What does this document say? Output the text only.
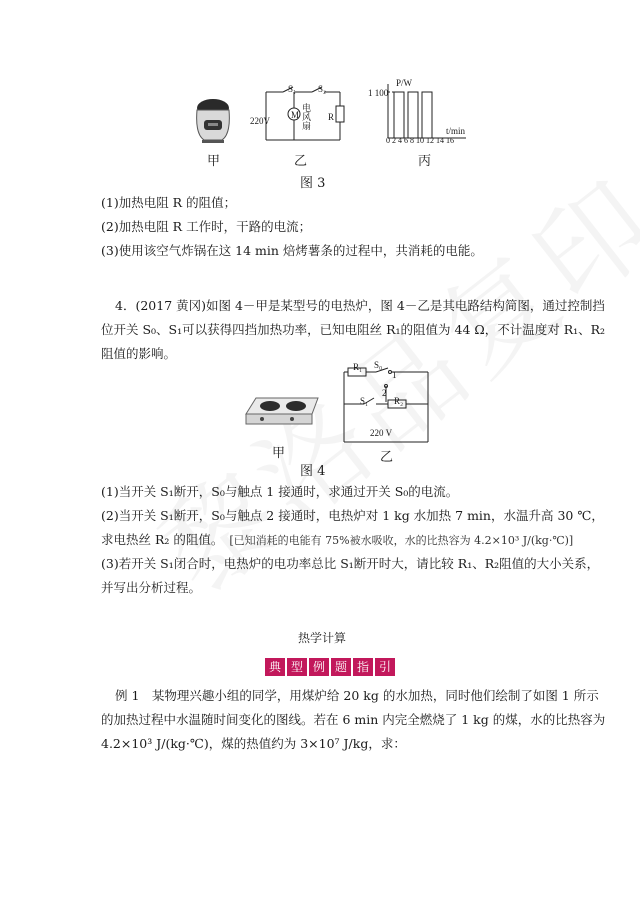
甲
S₁ S₂
220V
M
电风扇
R
乙
P/W
1 100
t/min
0 2 4 6 8 10 12 14 16
丙
图 3
(1)加热电阻 R 的阻值；
(2)加热电阻 R 工作时，干路的电流；
(3)使用该空气炸锅在这 14 min 焙烤薯条的过程中，共消耗的电能。
4．(2017 黄冈)如图 4－甲是某型号的电热炉，图 4－乙是其电路结构简图，通过控制挡
位开关 S₀、S₁可以获得四挡加热功率，已知电阻丝 R₁的阻值为 44 Ω，不计温度对 R₁、R₂
阻值的影响。
甲
R₁ S₀
1
2
S₁	R₂
220 V
乙
图 4
(1)当开关 S₁断开，S₀与触点 1 接通时，求通过开关 S₀的电流。
(2)当开关 S₁断开，S₀与触点 2 接通时，电热炉对 1 kg 水加热 7 min，水温升高 30 ℃，
求电热丝 R₂ 的阻值。 [已知消耗的电能有 75%被水吸收，水的比热容为 4.2×10³ J/(kg·℃)]
(3)若开关 S₁闭合时，电热炉的电功率总比 S₁断开时大，请比较 R₁、R₂阻值的大小关系，
并写出分析过程。
热学计算
典 型 例 题 指 引
例 1　某物理兴趣小组的同学，用煤炉给 20 kg 的水加热，同时他们绘制了如图 1 所示
的加热过程中水温随时间变化的图线。若在 6 min 内完全燃烧了 1 kg 的煤，水的比热容为
4.2×10³ J/(kg·℃)，煤的热值约为 3×10⁷ J/kg，求：
